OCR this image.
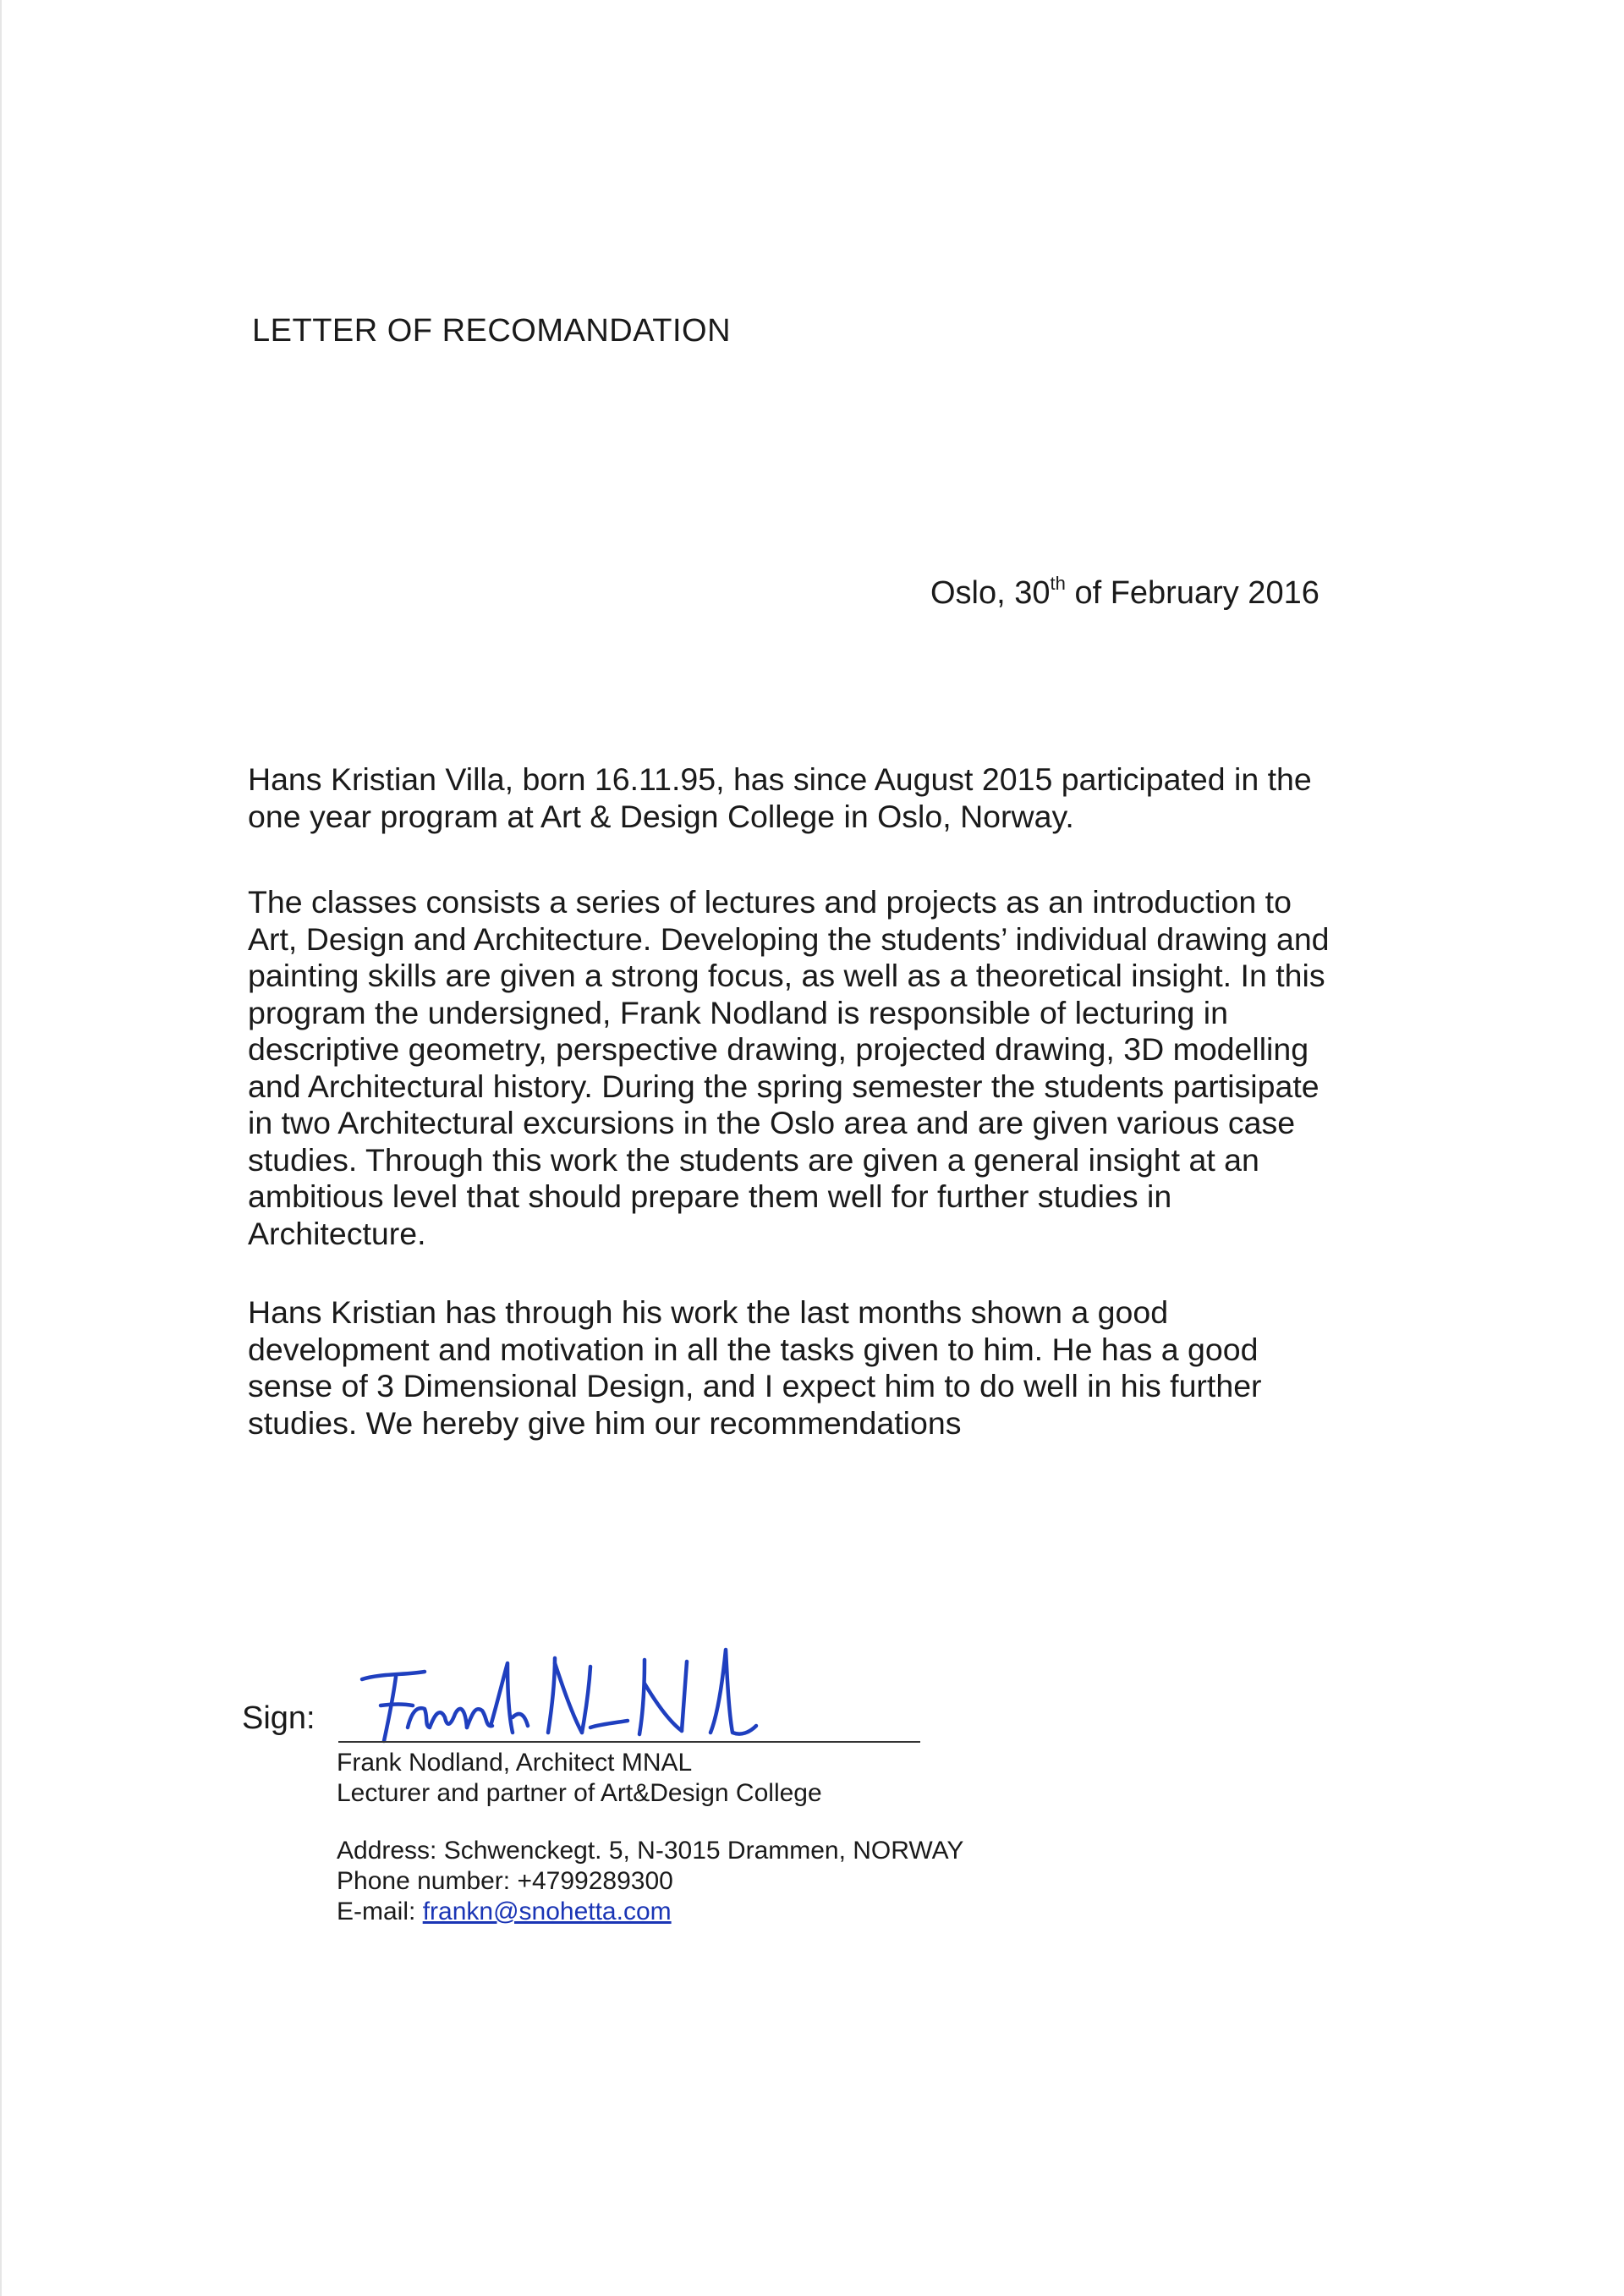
LETTER OF RECOMANDATION
Oslo, 30th of February 2016
Hans Kristian Villa, born 16.11.95, has since August 2015 participated in the
one year program at Art & Design College in Oslo, Norway.
The classes consists a series of lectures and projects as an introduction to
Art, Design and Architecture. Developing the students’ individual drawing and
painting skills are given a strong focus, as well as a theoretical insight. In this
program the undersigned, Frank Nodland is responsible of lecturing in
descriptive geometry, perspective drawing, projected drawing, 3D modelling
and Architectural history. During the spring semester the students partisipate
in two Architectural excursions in the Oslo area and are given various case
studies. Through this work the students are given a general insight at an
ambitious level that should prepare them well for further studies in
Architecture.
Hans Kristian has through his work the last months shown a good
development and motivation in all the tasks given to him. He has a good
sense of 3 Dimensional Design, and I expect him to do well in his further
studies. We hereby give him our recommendations
Sign:
Frank Nodland, Architect MNAL
Lecturer and partner of Art&Design College
Address: Schwenckegt. 5, N-3015 Drammen, NORWAY
Phone number: +4799289300
E-mail: frankn@snohetta.com
